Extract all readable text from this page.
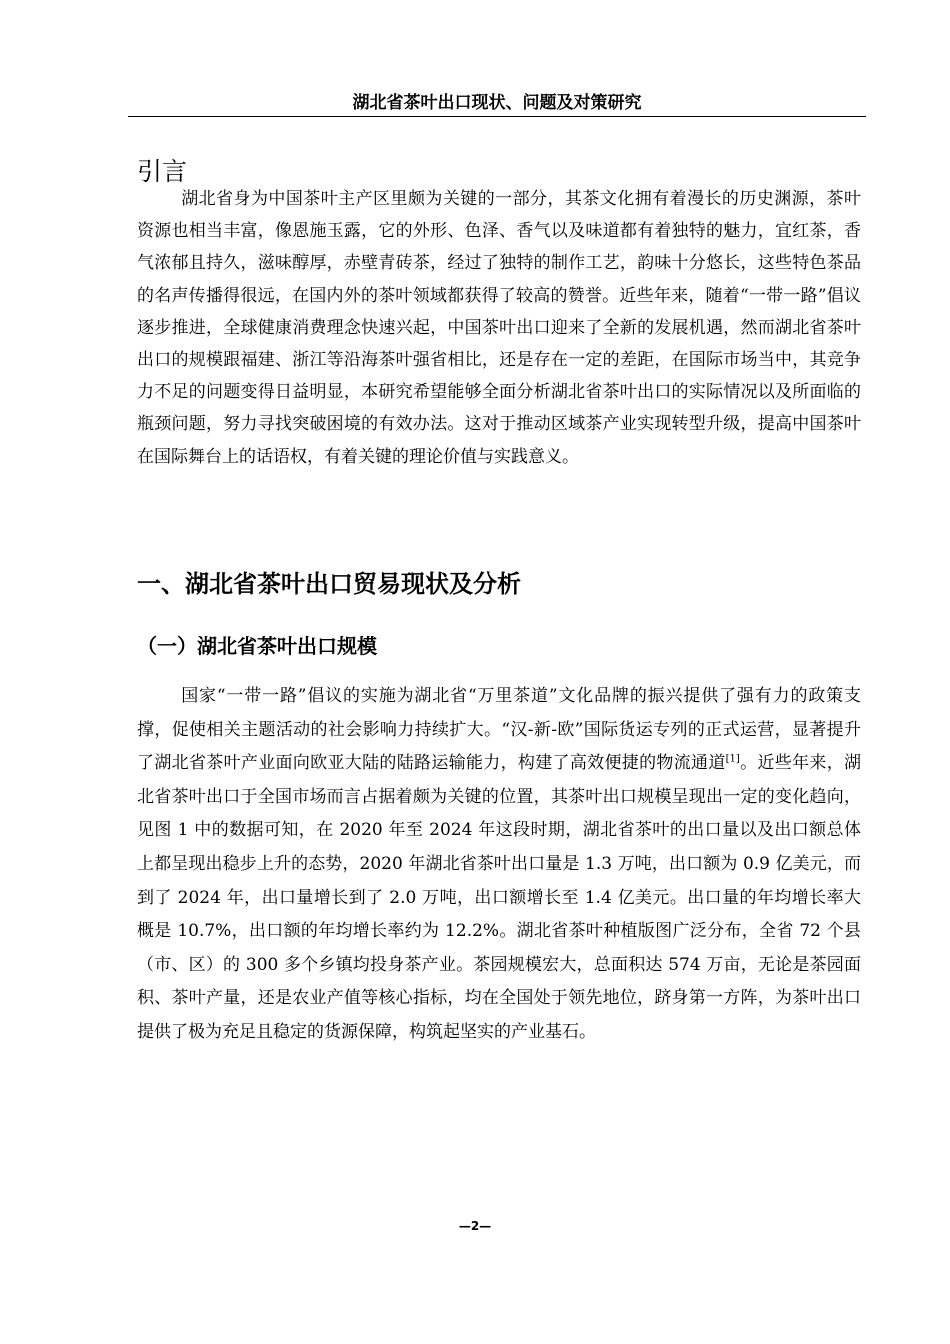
湖北省茶叶出口现状、问题及对策研究
引言

湖北省身为中国茶叶主产区里颇为关键的一部分，其茶文化拥有着漫长的历史渊源，茶叶资源也相当丰富，像恩施玉露，它的外形、色泽、香气以及味道都有着独特的魅力，宜红茶，香气浓郁且持久，滋味醇厚，赤壁青砖茶，经过了独特的制作工艺，韵味十分悠长，这些特色茶品的名声传播得很远，在国内外的茶叶领域都获得了较高的赞誉。近些年来，随着“一带一路”倡议逐步推进，全球健康消费理念快速兴起，中国茶叶出口迎来了全新的发展机遇，然而湖北省茶叶出口的规模跟福建、浙江等沿海茶叶强省相比，还是存在一定的差距，在国际市场当中，其竞争力不足的问题变得日益明显，本研究希望能够全面分析湖北省茶叶出口的实际情况以及所面临的瓶颈问题，努力寻找突破困境的有效办法。这对于推动区域茶产业实现转型升级，提高中国茶叶在国际舞台上的话语权，有着关键的理论价值与实践意义。

一、湖北省茶叶出口贸易现状及分析
（一）湖北省茶叶出口规模

国家“一带一路”倡议的实施为湖北省“万里茶道”文化品牌的振兴提供了强有力的政策支撑，促使相关主题活动的社会影响力持续扩大。“汉-新-欧”国际货运专列的正式运营，显著提升了湖北省茶叶产业面向欧亚大陆的陆路运输能力，构建了高效便捷的物流通道[1]。近些年来，湖北省茶叶出口于全国市场而言占据着颇为关键的位置，其茶叶出口规模呈现出一定的变化趋向，见图 1 中的数据可知，在 2020 年至 2024 年这段时期，湖北省茶叶的出口量以及出口额总体上都呈现出稳步上升的态势，2020 年湖北省茶叶出口量是 1.3 万吨，出口额为 0.9 亿美元，而到了 2024 年，出口量增长到了 2.0 万吨，出口额增长至 1.4 亿美元。出口量的年均增长率大概是 10.7%，出口额的年均增长率约为 12.2%。湖北省茶叶种植版图广泛分布，全省 72 个县（市、区）的 300 多个乡镇均投身茶产业。茶园规模宏大，总面积达 574 万亩，无论是茶园面积、茶叶产量，还是农业产值等核心指标，均在全国处于领先地位，跻身第一方阵，为茶叶出口提供了极为充足且稳定的货源保障，构筑起坚实的产业基石。

—2—
